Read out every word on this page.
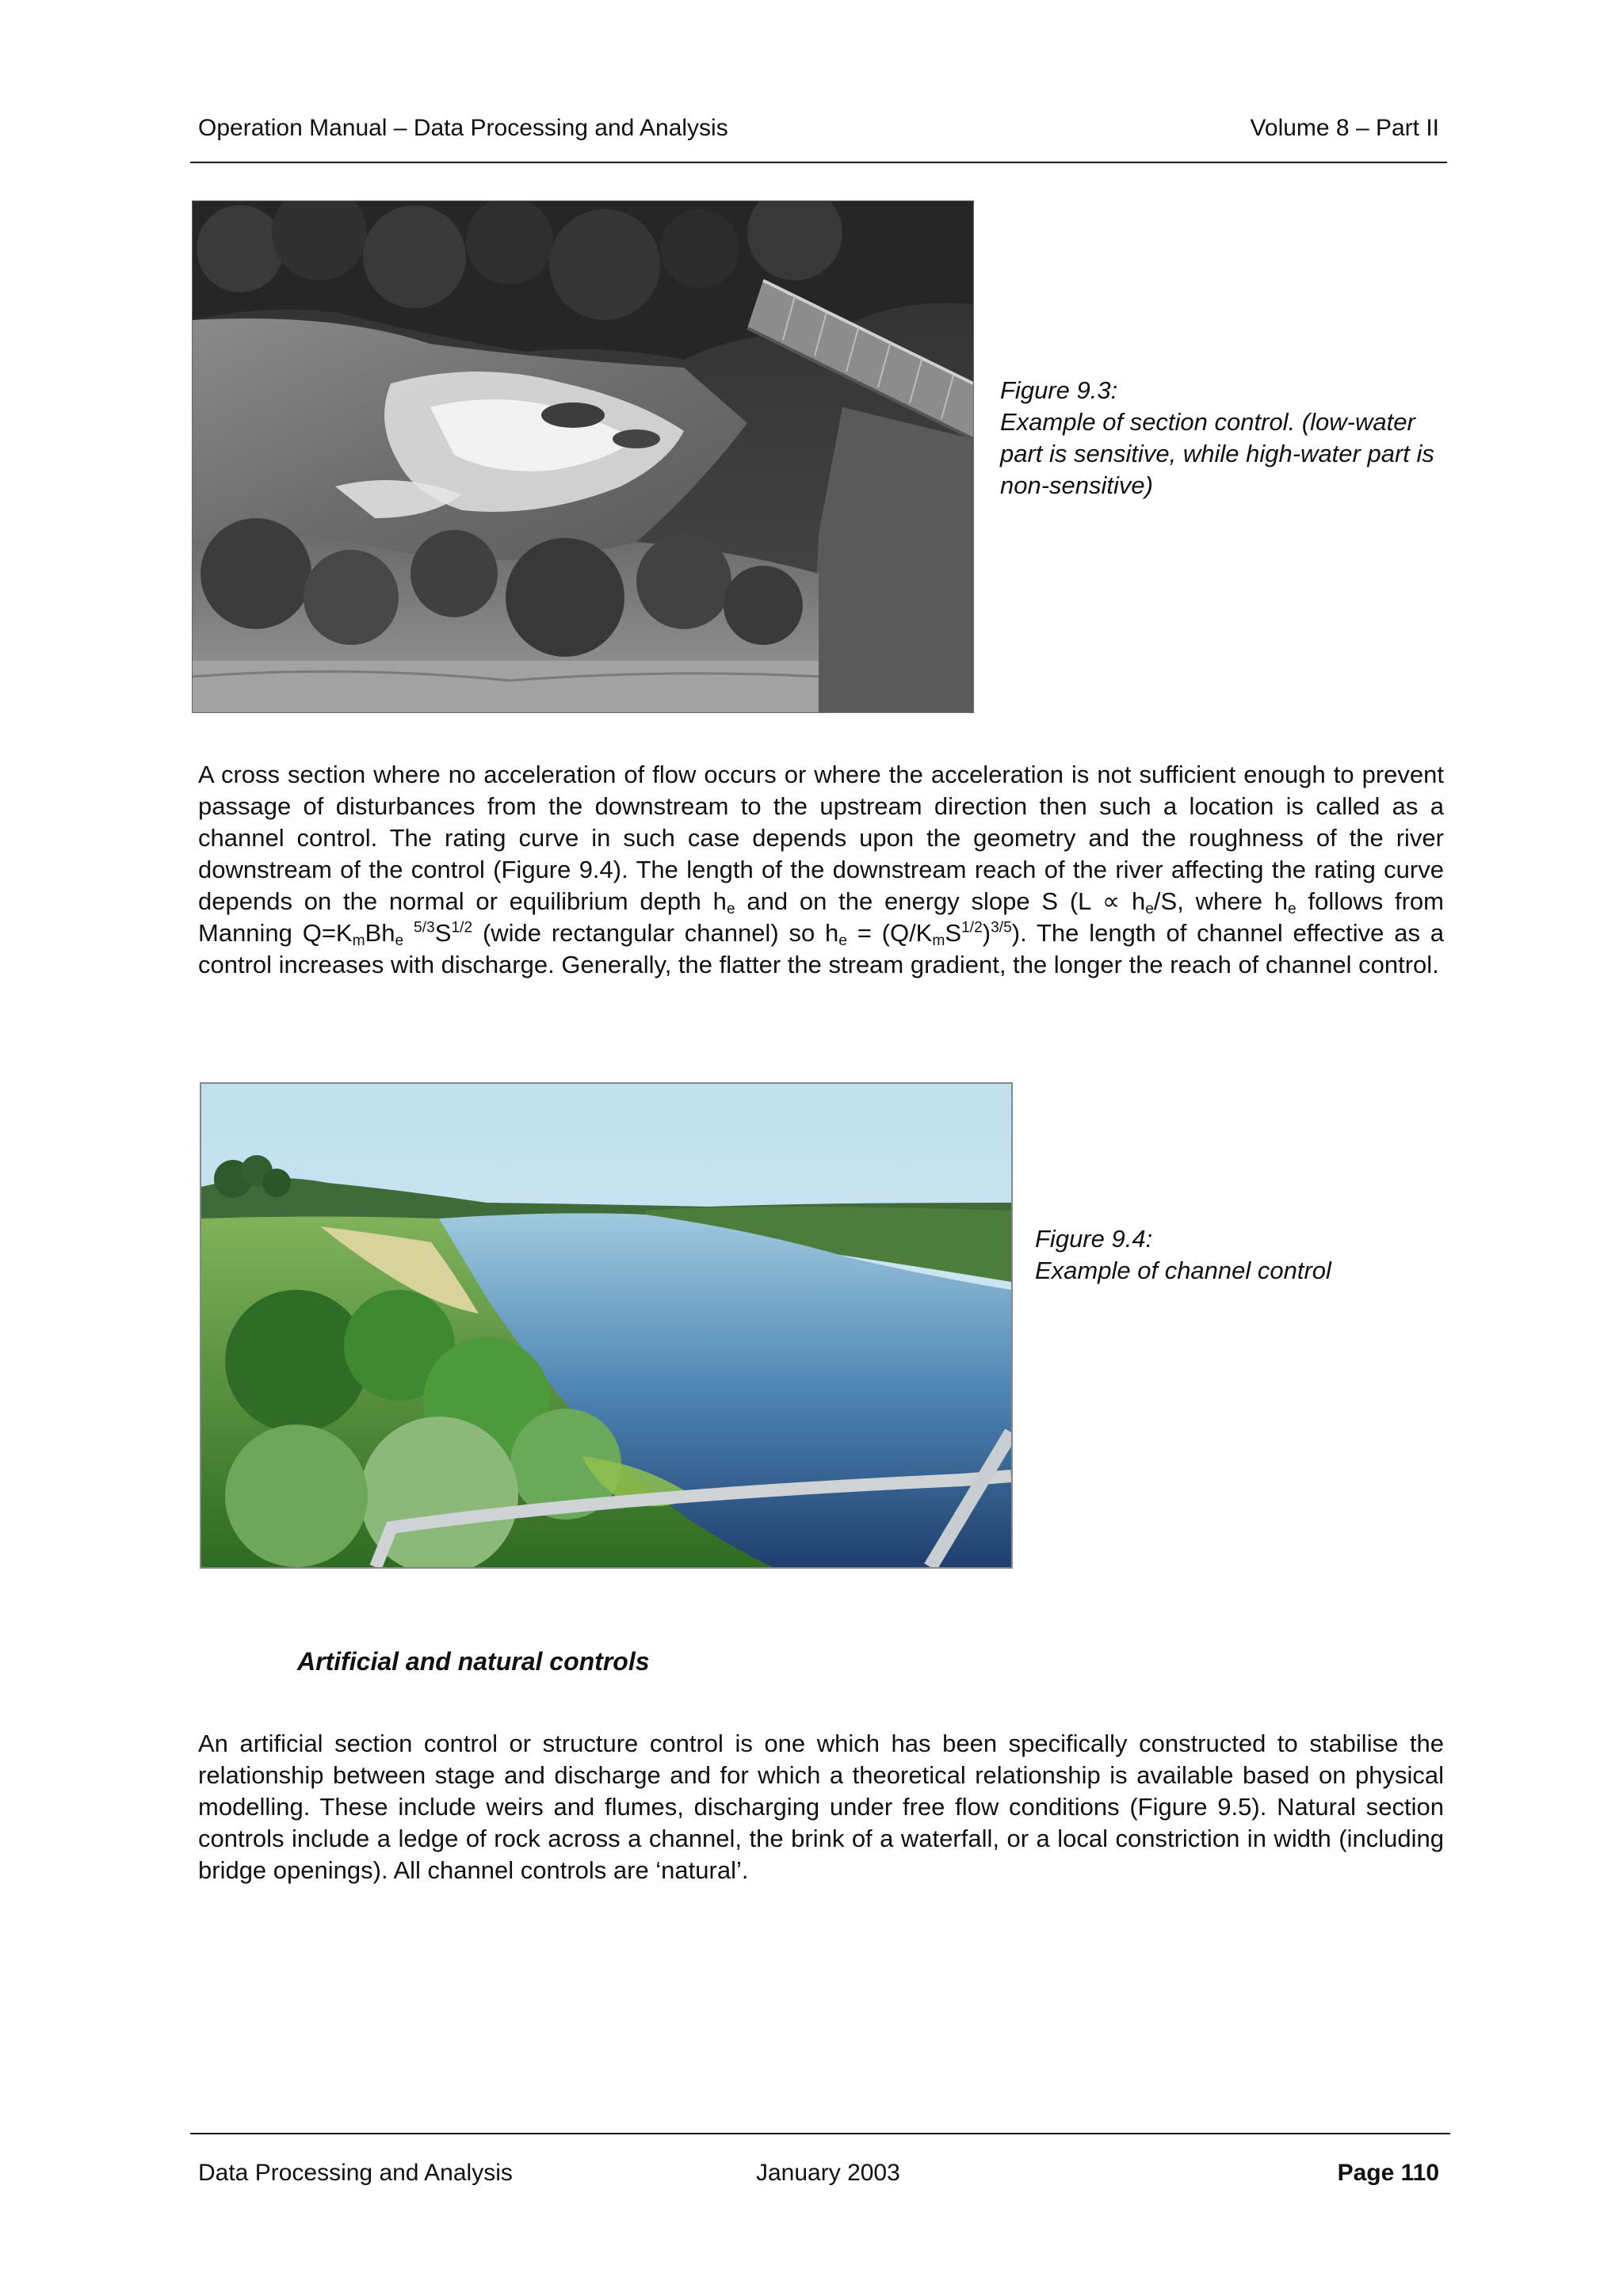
Operation Manual – Data Processing and Analysis	Volume 8 – Part II
Figure 9.3:
Example of section control. (low-water part is sensitive, while high-water part is non-sensitive)
A cross section where no acceleration of flow occurs or where the acceleration is not sufficient enough to prevent passage of disturbances from the downstream to the upstream direction then such a location is called as a channel control. The rating curve in such case depends upon the geometry and the roughness of the river downstream of the control (Figure 9.4). The length of the downstream reach of the river affecting the rating curve depends on the normal or equilibrium depth $h_e$ and on the energy slope S ($L \propto h_e/S$, where $h_e$ follows from Manning $Q=K_mBh_e$ $^{5/3}S^{1/2}$ (wide rectangular channel) so $h_e = (Q/K_mS^{1/2})^{3/5}$). The length of channel effective as a control increases with discharge. Generally, the flatter the stream gradient, the longer the reach of channel control.
Figure 9.4:
Example of channel control
Artificial and natural controls
An artificial section control or structure control is one which has been specifically constructed to stabilise the relationship between stage and discharge and for which a theoretical relationship is available based on physical modelling. These include weirs and flumes, discharging under free flow conditions (Figure 9.5). Natural section controls include a ledge of rock across a channel, the brink of a waterfall, or a local constriction in width (including bridge openings). All channel controls are ‘natural’.
Data Processing and Analysis	January 2003	Page 110
